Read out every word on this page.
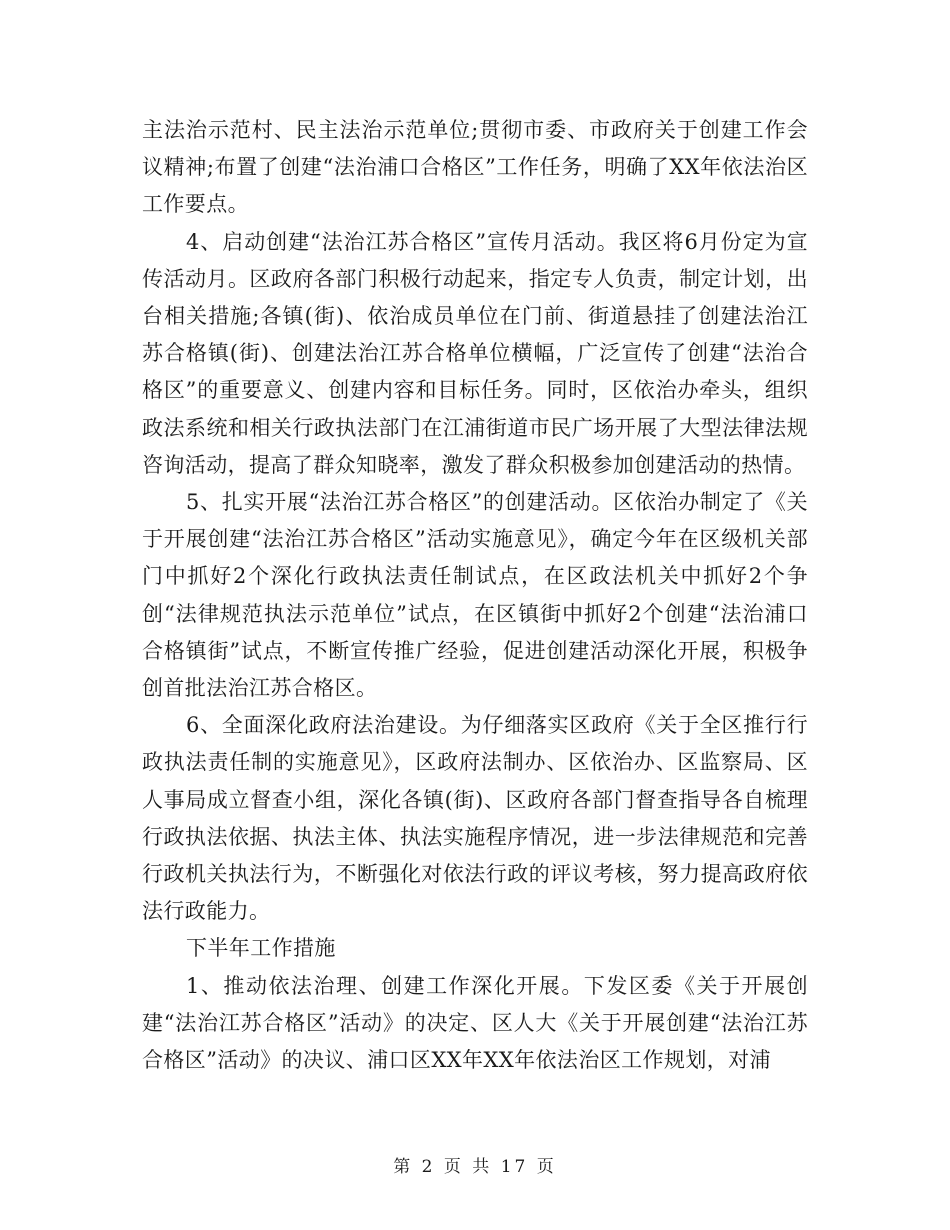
主法治示范村、民主法治示范单位;贯彻市委、市政府关于创建工作会议精神;布置了创建“法治浦口合格区”工作任务，明确了XX年依法治区工作要点。

4、启动创建“法治江苏合格区”宣传月活动。我区将6月份定为宣传活动月。区政府各部门积极行动起来，指定专人负责，制定计划，出台相关措施;各镇(街)、依治成员单位在门前、街道悬挂了创建法治江苏合格镇(街)、创建法治江苏合格单位横幅，广泛宣传了创建“法治合格区”的重要意义、创建内容和目标任务。同时，区依治办牵头，组织政法系统和相关行政执法部门在江浦街道市民广场开展了大型法律法规咨询活动，提高了群众知晓率，激发了群众积极参加创建活动的热情。

5、扎实开展“法治江苏合格区”的创建活动。区依治办制定了《关于开展创建“法治江苏合格区”活动实施意见》，确定今年在区级机关部门中抓好2个深化行政执法责任制试点，在区政法机关中抓好2个争创“法律规范执法示范单位”试点，在区镇街中抓好2个创建“法治浦口合格镇街”试点，不断宣传推广经验，促进创建活动深化开展，积极争创首批法治江苏合格区。

6、全面深化政府法治建设。为仔细落实区政府《关于全区推行行政执法责任制的实施意见》，区政府法制办、区依治办、区监察局、区人事局成立督查小组，深化各镇(街)、区政府各部门督查指导各自梳理行政执法依据、执法主体、执法实施程序情况，进一步法律规范和完善行政机关执法行为，不断强化对依法行政的评议考核，努力提高政府依法行政能力。

下半年工作措施

1、推动依法治理、创建工作深化开展。下发区委《关于开展创建“法治江苏合格区”活动》的决定、区人大《关于开展创建“法治江苏合格区”活动》的决议、浦口区XX年XX年依法治区工作规划，对浦

第 2 页 共 17 页
